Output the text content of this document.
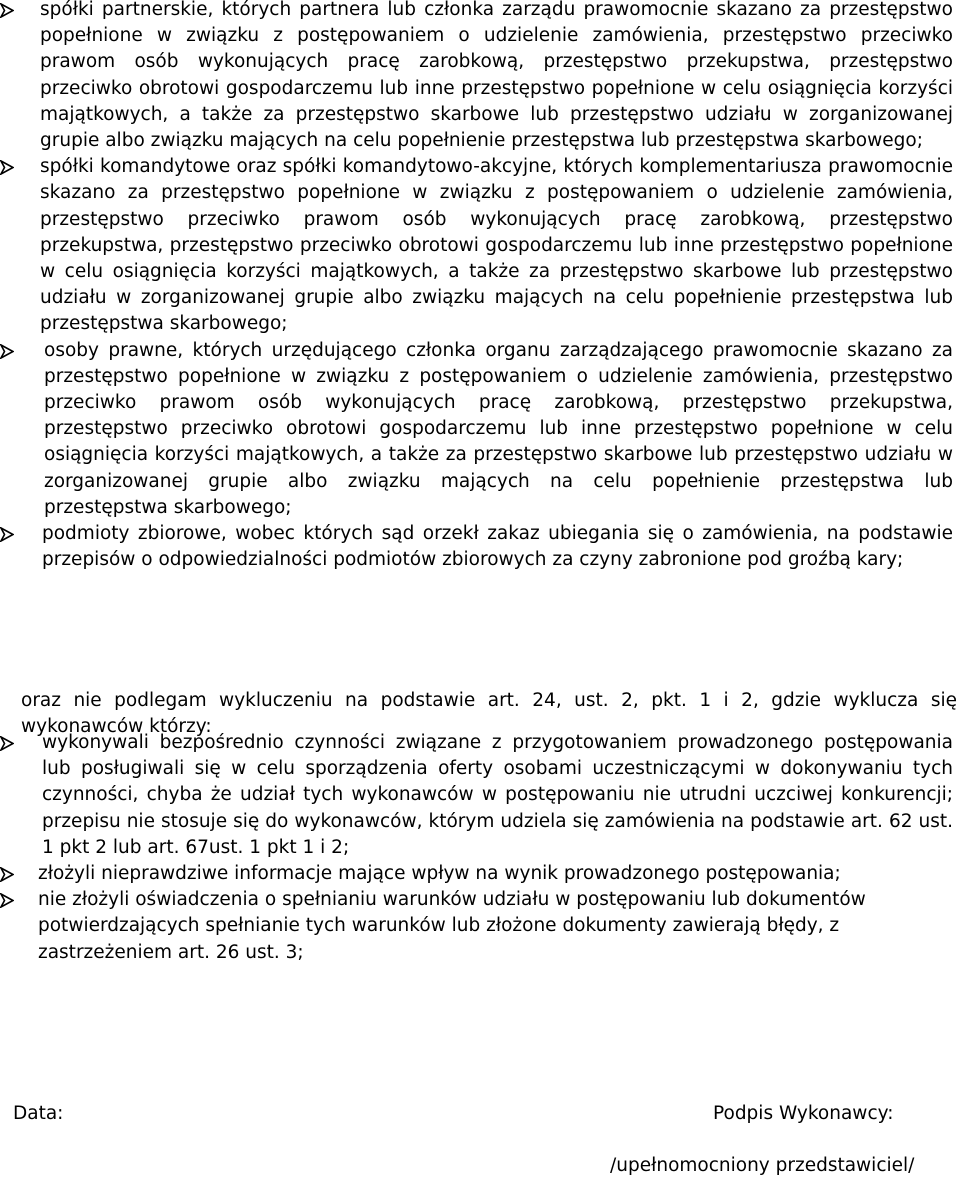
spółki partnerskie, których partnera lub członka zarządu prawomocnie skazano za przestępstwo popełnione w związku z postępowaniem o udzielenie zamówienia, przestępstwo przeciwko prawom osób wykonujących pracę zarobkową, przestępstwo przekupstwa, przestępstwo przeciwko obrotowi gospodarczemu lub inne przestępstwo popełnione w celu osiągnięcia korzyści majątkowych, a także za przestępstwo skarbowe lub przestępstwo udziału w zorganizowanej grupie albo związku mających na celu popełnienie przestępstwa lub przestępstwa skarbowego;
spółki komandytowe oraz spółki komandytowo-akcyjne, których komplementariusza prawomocnie skazano za przestępstwo popełnione w związku z postępowaniem o udzielenie zamówienia, przestępstwo przeciwko prawom osób wykonujących pracę zarobkową, przestępstwo przekupstwa, przestępstwo przeciwko obrotowi gospodarczemu lub inne przestępstwo popełnione w celu osiągnięcia korzyści majątkowych, a także za przestępstwo skarbowe lub przestępstwo udziału w zorganizowanej grupie albo związku mających na celu popełnienie przestępstwa lub przestępstwa skarbowego;
osoby prawne, których urzędującego członka organu zarządzającego prawomocnie skazano za przestępstwo popełnione w związku z postępowaniem o udzielenie zamówienia, przestępstwo przeciwko prawom osób wykonujących pracę zarobkową, przestępstwo przekupstwa, przestępstwo przeciwko obrotowi gospodarczemu lub inne przestępstwo popełnione w celu osiągnięcia korzyści majątkowych, a także za przestępstwo skarbowe lub przestępstwo udziału w zorganizowanej grupie albo związku mających na celu popełnienie przestępstwa lub przestępstwa skarbowego;
podmioty zbiorowe, wobec których sąd orzekł zakaz ubiegania się o zamówienia, na podstawie przepisów o odpowiedzialności podmiotów zbiorowych za czyny zabronione pod groźbą kary;

oraz nie podlegam wykluczeniu na podstawie art. 24, ust. 2, pkt. 1 i 2, gdzie wyklucza się wykonawców którzy:

wykonywali bezpośrednio czynności związane z przygotowaniem prowadzonego postępowania lub posługiwali się w celu sporządzenia oferty osobami uczestniczącymi w dokonywaniu tych czynności, chyba że udział tych wykonawców w postępowaniu nie utrudni uczciwej konkurencji; przepisu nie stosuje się do wykonawców, którym udziela się zamówienia na podstawie art. 62 ust. 1 pkt 2 lub art. 67ust. 1 pkt 1 i 2;
złożyli nieprawdziwe informacje mające wpływ na wynik prowadzonego postępowania;
nie złożyli oświadczenia o spełnianiu warunków udziału w postępowaniu lub dokumentów potwierdzających spełnianie tych warunków lub złożone dokumenty zawierają błędy, z zastrzeżeniem art. 26 ust. 3;
Data:	Podpis Wykonawcy:
/upełnomocniony przedstawiciel/
